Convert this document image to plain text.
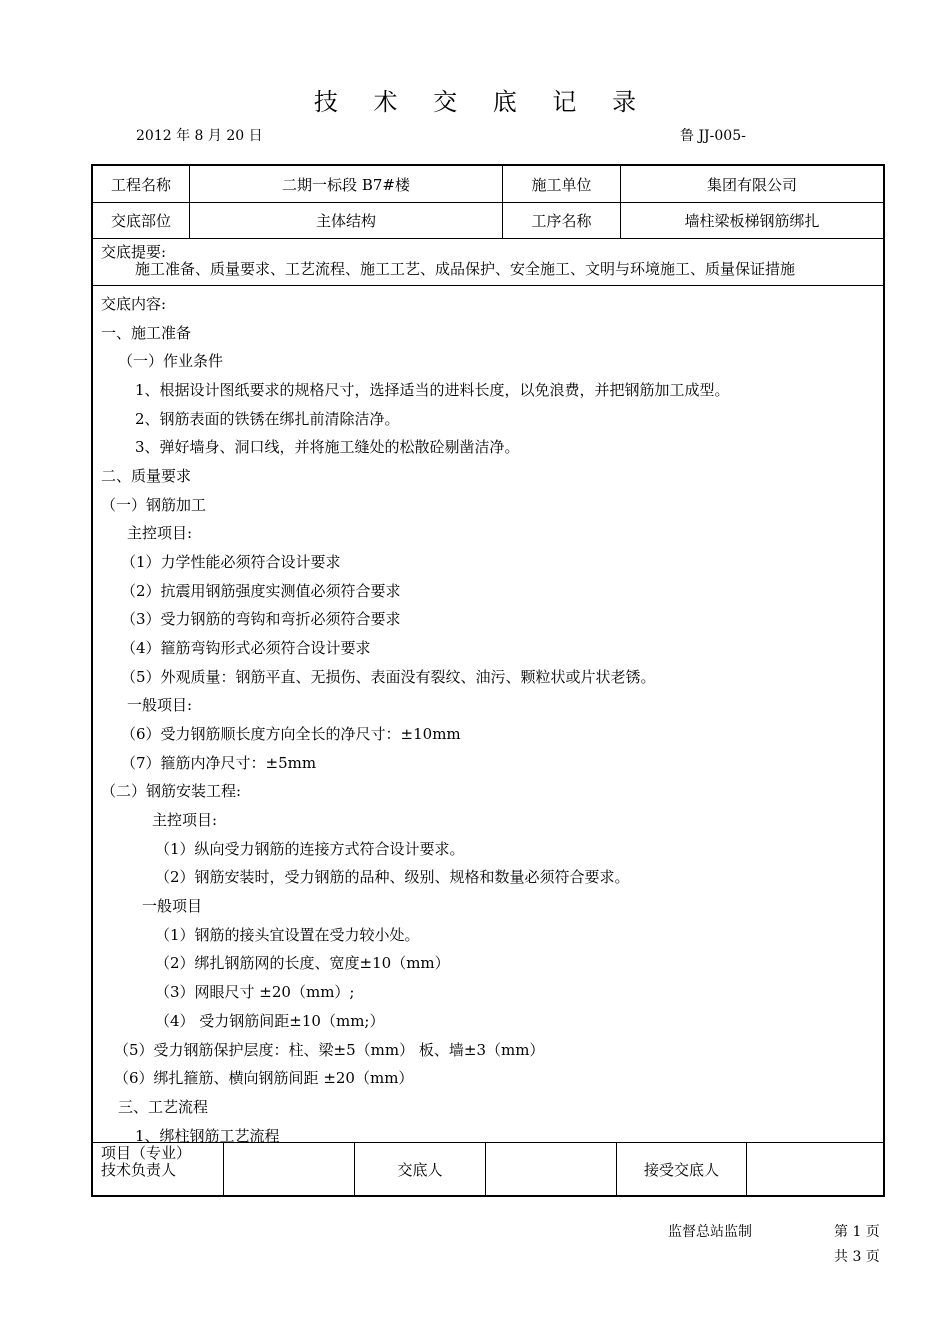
技 术 交 底 记 录
2012 年 8 月 20 日	鲁 JJ-005-
工程名称	二期一标段 B7#楼	施工单位	集团有限公司
交底部位	主体结构	工序名称	墙柱梁板梯钢筋绑扎
交底提要:
施工准备、质量要求、工艺流程、施工工艺、成品保护、安全施工、文明与环境施工、质量保证措施
交底内容:
一、施工准备
（一）作业条件
1、根据设计图纸要求的规格尺寸，选择适当的进料长度，以免浪费，并把钢筋加工成型。
2、钢筋表面的铁锈在绑扎前清除洁净。
3、弹好墙身、洞口线，并将施工缝处的松散砼剔凿洁净。
二、质量要求
（一）钢筋加工
主控项目:
（1）力学性能必须符合设计要求
（2）抗震用钢筋强度实测值必须符合要求
（3）受力钢筋的弯钩和弯折必须符合要求
（4）箍筋弯钩形式必须符合设计要求
（5）外观质量：钢筋平直、无损伤、表面没有裂纹、油污、颗粒状或片状老锈。
一般项目:
（6）受力钢筋顺长度方向全长的净尺寸：±10mm
（7）箍筋内净尺寸：±5mm
（二）钢筋安装工程:
主控项目:
（1）纵向受力钢筋的连接方式符合设计要求。
（2）钢筋安装时，受力钢筋的品种、级别、规格和数量必须符合要求。
一般项目
（1）钢筋的接头宜设置在受力较小处。
（2）绑扎钢筋网的长度、宽度±10（mm）
（3）网眼尺寸 ±20（mm）;
（4） 受力钢筋间距±10（mm;）
（5）受力钢筋保护层度：柱、梁±5（mm） 板、墙±3（mm）
（6）绑扎箍筋、横向钢筋间距 ±20（mm）
三、工艺流程
1、绑柱钢筋工艺流程
项目（专业）
技术负责人	交底人	接受交底人
监督总站监制	第 1 页
共 3 页
